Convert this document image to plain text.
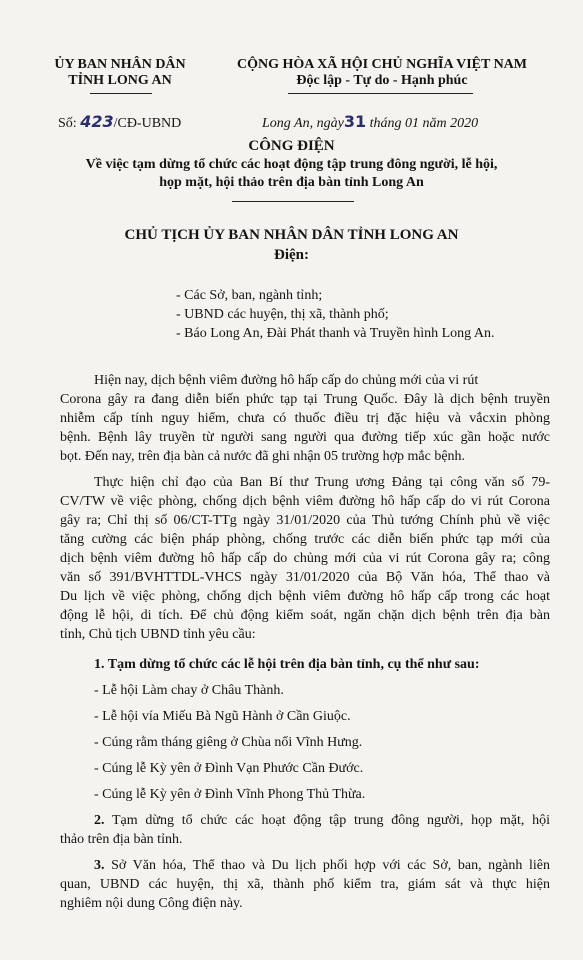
ỦY BAN NHÂN DÂN
TỈNH LONG AN
CỘNG HÒA XÃ HỘI CHỦ NGHĨA VIỆT NAM
Độc lập - Tự do - Hạnh phúc
Số: 423/CĐ-UBND	Long An, ngày31 tháng 01 năm 2020
CÔNG ĐIỆN
Về việc tạm dừng tổ chức các hoạt động tập trung đông người, lễ hội,
họp mặt, hội thảo trên địa bàn tỉnh Long An
CHỦ TỊCH ỦY BAN NHÂN DÂN TỈNH LONG AN
Điện:
- Các Sở, ban, ngành tỉnh;
- UBND các huyện, thị xã, thành phố;
- Báo Long An, Đài Phát thanh và Truyền hình Long An.
Hiện nay, dịch bệnh viêm đường hô hấp cấp do chủng mới của vi rút
Corona gây ra đang diễn biến phức tạp tại Trung Quốc. Đây là dịch bệnh truyền
nhiễm cấp tính nguy hiểm, chưa có thuốc điều trị đặc hiệu và vắcxin phòng
bệnh. Bệnh lây truyền từ người sang người qua đường tiếp xúc gần hoặc nước
bọt. Đến nay, trên địa bàn cả nước đã ghi nhận 05 trường hợp mắc bệnh.
Thực hiện chỉ đạo của Ban Bí thư Trung ương Đảng tại công văn số 79-
CV/TW về việc phòng, chống dịch bệnh viêm đường hô hấp cấp do vi rút Corona
gây ra; Chỉ thị số 06/CT-TTg ngày 31/01/2020 của Thủ tướng Chính phủ về việc
tăng cường các biện pháp phòng, chống trước các diễn biến phức tạp mới của
dịch bệnh viêm đường hô hấp cấp do chủng mới của vi rút Corona gây ra; công
văn số 391/BVHTTDL-VHCS ngày 31/01/2020 của Bộ Văn hóa, Thể thao và
Du lịch về việc phòng, chống dịch bệnh viêm đường hô hấp cấp trong các hoạt
động lễ hội, di tích. Để chủ động kiểm soát, ngăn chặn dịch bệnh trên địa bàn
tỉnh, Chủ tịch UBND tỉnh yêu cầu:
1. Tạm dừng tổ chức các lễ hội trên địa bàn tỉnh, cụ thể như sau:
- Lễ hội Làm chay ở Châu Thành.
- Lễ hội vía Miếu Bà Ngũ Hành ở Cần Giuộc.
- Cúng rằm tháng giêng ở Chùa nổi Vĩnh Hưng.
- Cúng lễ Kỳ yên ở Đình Vạn Phước Cần Đước.
- Cúng lễ Kỳ yên ở Đình Vĩnh Phong Thủ Thừa.
2. Tạm dừng tổ chức các hoạt động tập trung đông người, họp mặt, hội
thảo trên địa bàn tỉnh.
3. Sở Văn hóa, Thể thao và Du lịch phối hợp với các Sở, ban, ngành liên
quan, UBND các huyện, thị xã, thành phố kiểm tra, giám sát và thực hiện
nghiêm nội dung Công điện này.
